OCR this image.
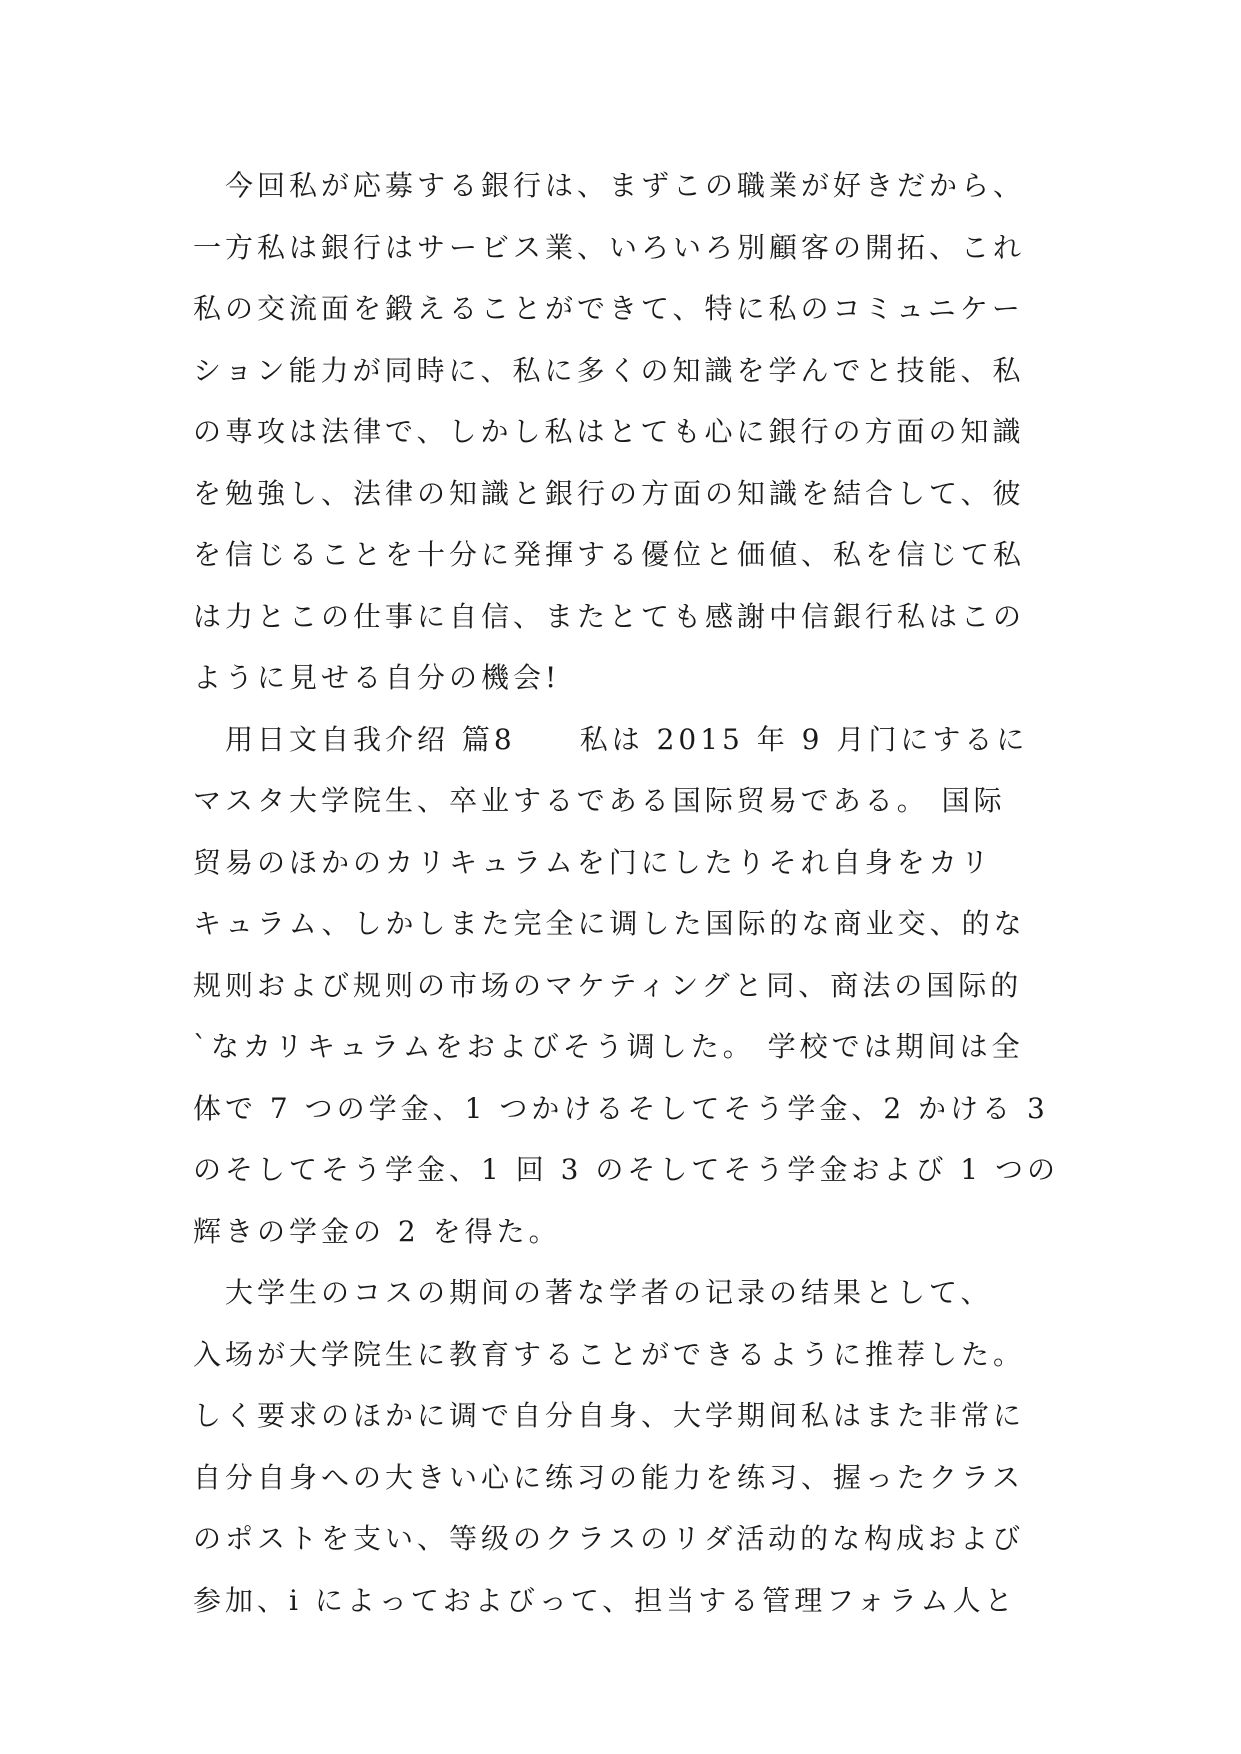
　今回私が応募する銀行は、まずこの職業が好きだから、
一方私は銀行はサービス業、いろいろ別顧客の開拓、これ
私の交流面を鍛えることができて、特に私のコミュニケー
ション能力が同時に、私に多くの知識を学んでと技能、私
の専攻は法律で、しかし私はとても心に銀行の方面の知識
を勉強し、法律の知識と銀行の方面の知識を結合して、彼
を信じることを十分に発揮する優位と価値、私を信じて私
は力とこの仕事に自信、またとても感謝中信銀行私はこの
ように見せる自分の機会!
　用日文自我介绍 篇8　　私は 2015 年 9 月门にするに
マスタ大学院生、卒业するである国际贸易である。 国际
贸易のほかのカリキュラムを门にしたりそれ自身をカリ
キュラム、しかしまた完全に调した国际的な商业交、的な
规则および规则の市场のマケティングと同、商法の国际的
`なカリキュラムをおよびそう调した。 学校では期间は全
体で 7 つの学金、1 つかけるそしてそう学金、2 かける 3
のそしてそう学金、1 回 3 のそしてそう学金および 1 つの
辉きの学金の 2 を得た。
　大学生のコスの期间の著な学者の记录の结果として、
入场が大学院生に教育することができるように推荐した。
しく要求のほかに调で自分自身、大学期间私はまた非常に
自分自身への大きい心に练习の能力を练习、握ったクラス
のポストを支い、等级のクラスのリダ活动的な构成および
参加、i によっておよびって、担当する管理フォラム人と
